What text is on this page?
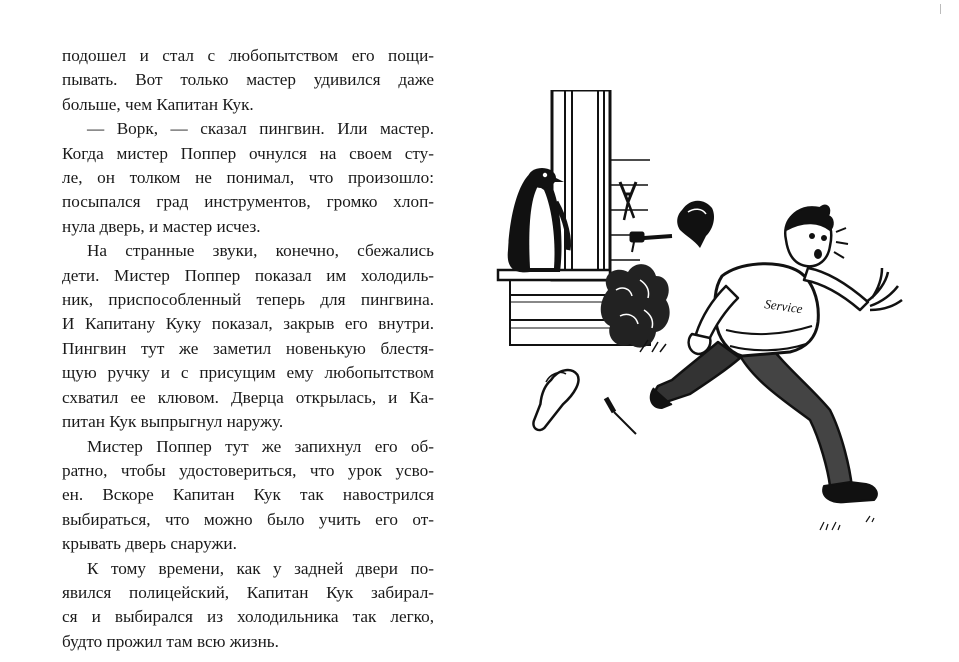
подошел и стал с любопытством его пощи-
пывать. Вот только мастер удивился даже
больше, чем Капитан Кук.

— Ворк, — сказал пингвин. Или мастер.
Когда мистер Поппер очнулся на своем сту-
ле, он толком не понимал, что произошло:
посыпался град инструментов, громко хлоп-
нула дверь, и мастер исчез.

На странные звуки, конечно, сбежались
дети. Мистер Поппер показал им холодиль-
ник, приспособленный теперь для пингвина.
И Капитану Куку показал, закрыв его внутри.
Пингвин тут же заметил новенькую блестя-
щую ручку и с присущим ему любопытством
схватил ее клювом. Дверца открылась, и Ка-
питан Кук выпрыгнул наружу.

Мистер Поппер тут же запихнул его об-
ратно, чтобы удостовериться, что урок усво-
ен. Вскоре Капитан Кук так навострился
выбираться, что можно было учить его от-
крывать дверь снаружи.

К тому времени, как у задней двери по-
явился полицейский, Капитан Кук забирал-
ся и выбирался из холодильника так легко,
будто прожил там всю жизнь.

Service
